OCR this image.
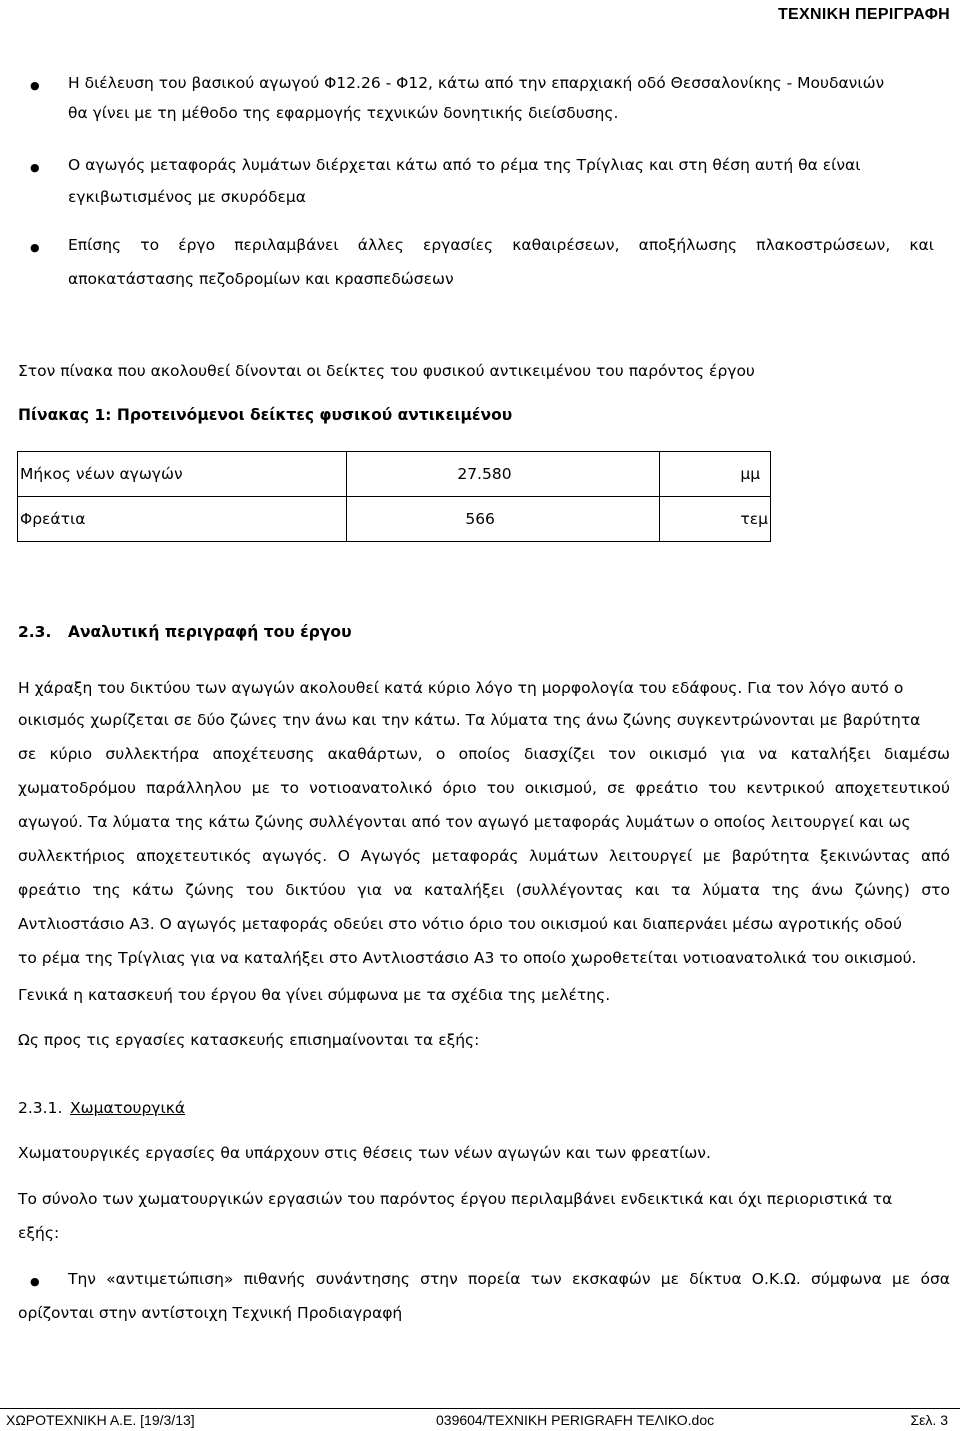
ΤΕΧΝΙΚΗ ΠΕΡΙΓΡΑΦΗ
● Η διέλευση του βασικού αγωγού Φ12.26 - Φ12, κάτω από την επαρχιακή οδό Θεσσαλονίκης - Μουδανιών
θα γίνει με τη μέθοδο της εφαρμογής τεχνικών δονητικής διείσδυσης.
● Ο αγωγός μεταφοράς λυμάτων διέρχεται κάτω από το ρέμα της Τρίγλιας και στη θέση αυτή θα είναι
εγκιβωτισμένος με σκυρόδεμα
● Επίσης το έργο περιλαμβάνει άλλες εργασίες καθαιρέσεων, αποξήλωσης πλακοστρώσεων, και
αποκατάστασης πεζοδρομίων και κρασπεδώσεων
Στον πίνακα που ακολουθεί δίνονται οι δείκτες του φυσικού αντικειμένου του παρόντος έργου
Πίνακας 1: Προτεινόμενοι δείκτες φυσικού αντικειμένου
Μήκος νέων αγωγών	27.580	μμ
Φρεάτια	566	τεμ
2.3. Αναλυτική περιγραφή του έργου
Η χάραξη του δικτύου των αγωγών ακολουθεί κατά κύριο λόγο τη μορφολογία του εδάφους. Για τον λόγο αυτό ο
οικισμός χωρίζεται σε δύο ζώνες την άνω και την κάτω. Τα λύματα της άνω ζώνης συγκεντρώνονται με βαρύτητα
σε κύριο συλλεκτήρα αποχέτευσης ακαθάρτων, ο οποίος διασχίζει τον οικισμό για να καταλήξει διαμέσω
χωματοδρόμου παράλληλου με το νοτιοανατολικό όριο του οικισμού, σε φρεάτιο του κεντρικού αποχετευτικού
αγωγού. Τα λύματα της κάτω ζώνης συλλέγονται από τον αγωγό μεταφοράς λυμάτων ο οποίος λειτουργεί και ως
συλλεκτήριος αποχετευτικός αγωγός. Ο Αγωγός μεταφοράς λυμάτων λειτουργεί με βαρύτητα ξεκινώντας από
φρεάτιο της κάτω ζώνης του δικτύου για να καταλήξει (συλλέγοντας και τα λύματα της άνω ζώνης) στο
Αντλιοστάσιο Α3. Ο αγωγός μεταφοράς οδεύει στο νότιο όριο του οικισμού και διαπερνάει μέσω αγροτικής οδού
το ρέμα της Τρίγλιας για να καταλήξει στο Αντλιοστάσιο Α3 το οποίο χωροθετείται νοτιοανατολικά του οικισμού.
Γενικά η κατασκευή του έργου θα γίνει σύμφωνα με τα σχέδια της μελέτης.
Ως προς τις εργασίες κατασκευής επισημαίνονται τα εξής:
2.3.1. Χωματουργικά
Χωματουργικές εργασίες θα υπάρχουν στις θέσεις των νέων αγωγών και των φρεατίων.
Το σύνολο των χωματουργικών εργασιών του παρόντος έργου περιλαμβάνει ενδεικτικά και όχι περιοριστικά τα
εξής:
● Την «αντιμετώπιση» πιθανής συνάντησης στην πορεία των εκσκαφών με δίκτυα Ο.Κ.Ω. σύμφωνα με όσα
ορίζονται στην αντίστοιχη Τεχνική Προδιαγραφή
ΧΩΡΟΤΕΧΝΙΚΗ Α.Ε. [19/3/13]	039604/TEXNIKH PERIGRAFH ΤΕΛΙΚΟ.doc	Σελ. 3
